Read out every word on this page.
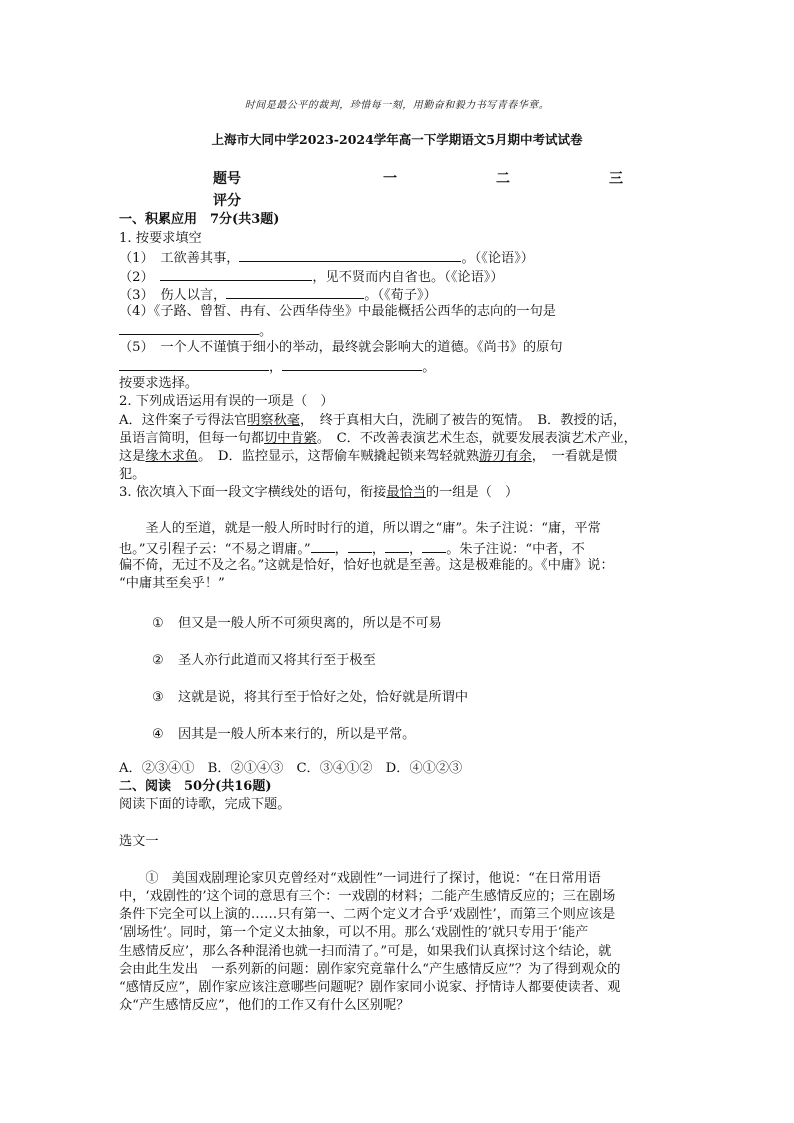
时间是最公平的裁判，珍惜每一刻，用勤奋和毅力书写青春华章。
上海市大同中学2023-2024学年高一下学期语文5月期中考试试卷
题号	一	二	三
评分
一、积累应用　7分(共3题)
1. 按要求填空
（1）　工欲善其事，	。（《论语》）
（2）　	，见不贤而内自省也。（《论语》）
（3）　伤人以言，	。（《荀子》）
（4）《子路、曾皙、冉有、公西华侍坐》中最能概括公西华的志向的一句是
。
（5）　一个人不谨慎于细小的举动，最终就会影响大的道德。《尚书》的原句
，	。
按要求选择。
2. 下列成语运用有误的一项是（　）
A．这件案子亏得法官明察秋毫，　终于真相大白，洗刷了被告的冤情。　B．教授的话，
虽语言简明，但每一句都切中肯綮。　C．不改善表演艺术生态，就要发展表演艺术产业，
这是缘木求鱼。　D．监控显示，这帮偷车贼撬起锁来驾轻就熟游刃有余，　一看就是惯
犯。
3. 依次填入下面一段文字横线处的语句，衔接最恰当的一组是（　）
　　圣人的至道，就是一般人所时时行的道，所以谓之“庸”。朱子注说：“庸，平常
也。”又引程子云：“不易之谓庸。” ， ， ， 。朱子注说：“中者，不
偏不倚，无过不及之名。”这就是恰好，恰好也就是至善。这是极难能的。《中庸》说：
“中庸其至矣乎！”
① 但又是一般人所不可须臾离的，所以是不可易
② 圣人亦行此道而又将其行至于极至
③ 这就是说，将其行至于恰好之处，恰好就是所谓中
④ 因其是一般人所本来行的，所以是平常。
A．②③④①　B．②①④③　C．③④①②　D．④①②③
二、阅读　50分(共16题)
阅读下面的诗歌，完成下题。
选文一
　　①　美国戏剧理论家贝克曾经对“戏剧性”一词进行了探讨，他说：“在日常用语
中，‘戏剧性的’这个词的意思有三个：一戏剧的材料；二能产生感情反应的；三在剧场
条件下完全可以上演的……只有第一、二两个定义才合乎‘戏剧性’，而第三个则应该是
‘剧场性’。同时，第一个定义太抽象，可以不用。那么‘戏剧性的’就只专用于‘能产
生感情反应’，那么各种混淆也就一扫而清了。”可是，如果我们认真探讨这个结论，就
会由此生发出　一系列新的问题：剧作家究竟靠什么“产生感情反应”？为了得到观众的
“感情反应”，剧作家应该注意哪些问题呢？剧作家同小说家、抒情诗人都要使读者、观
众“产生感情反应”，他们的工作又有什么区别呢？
